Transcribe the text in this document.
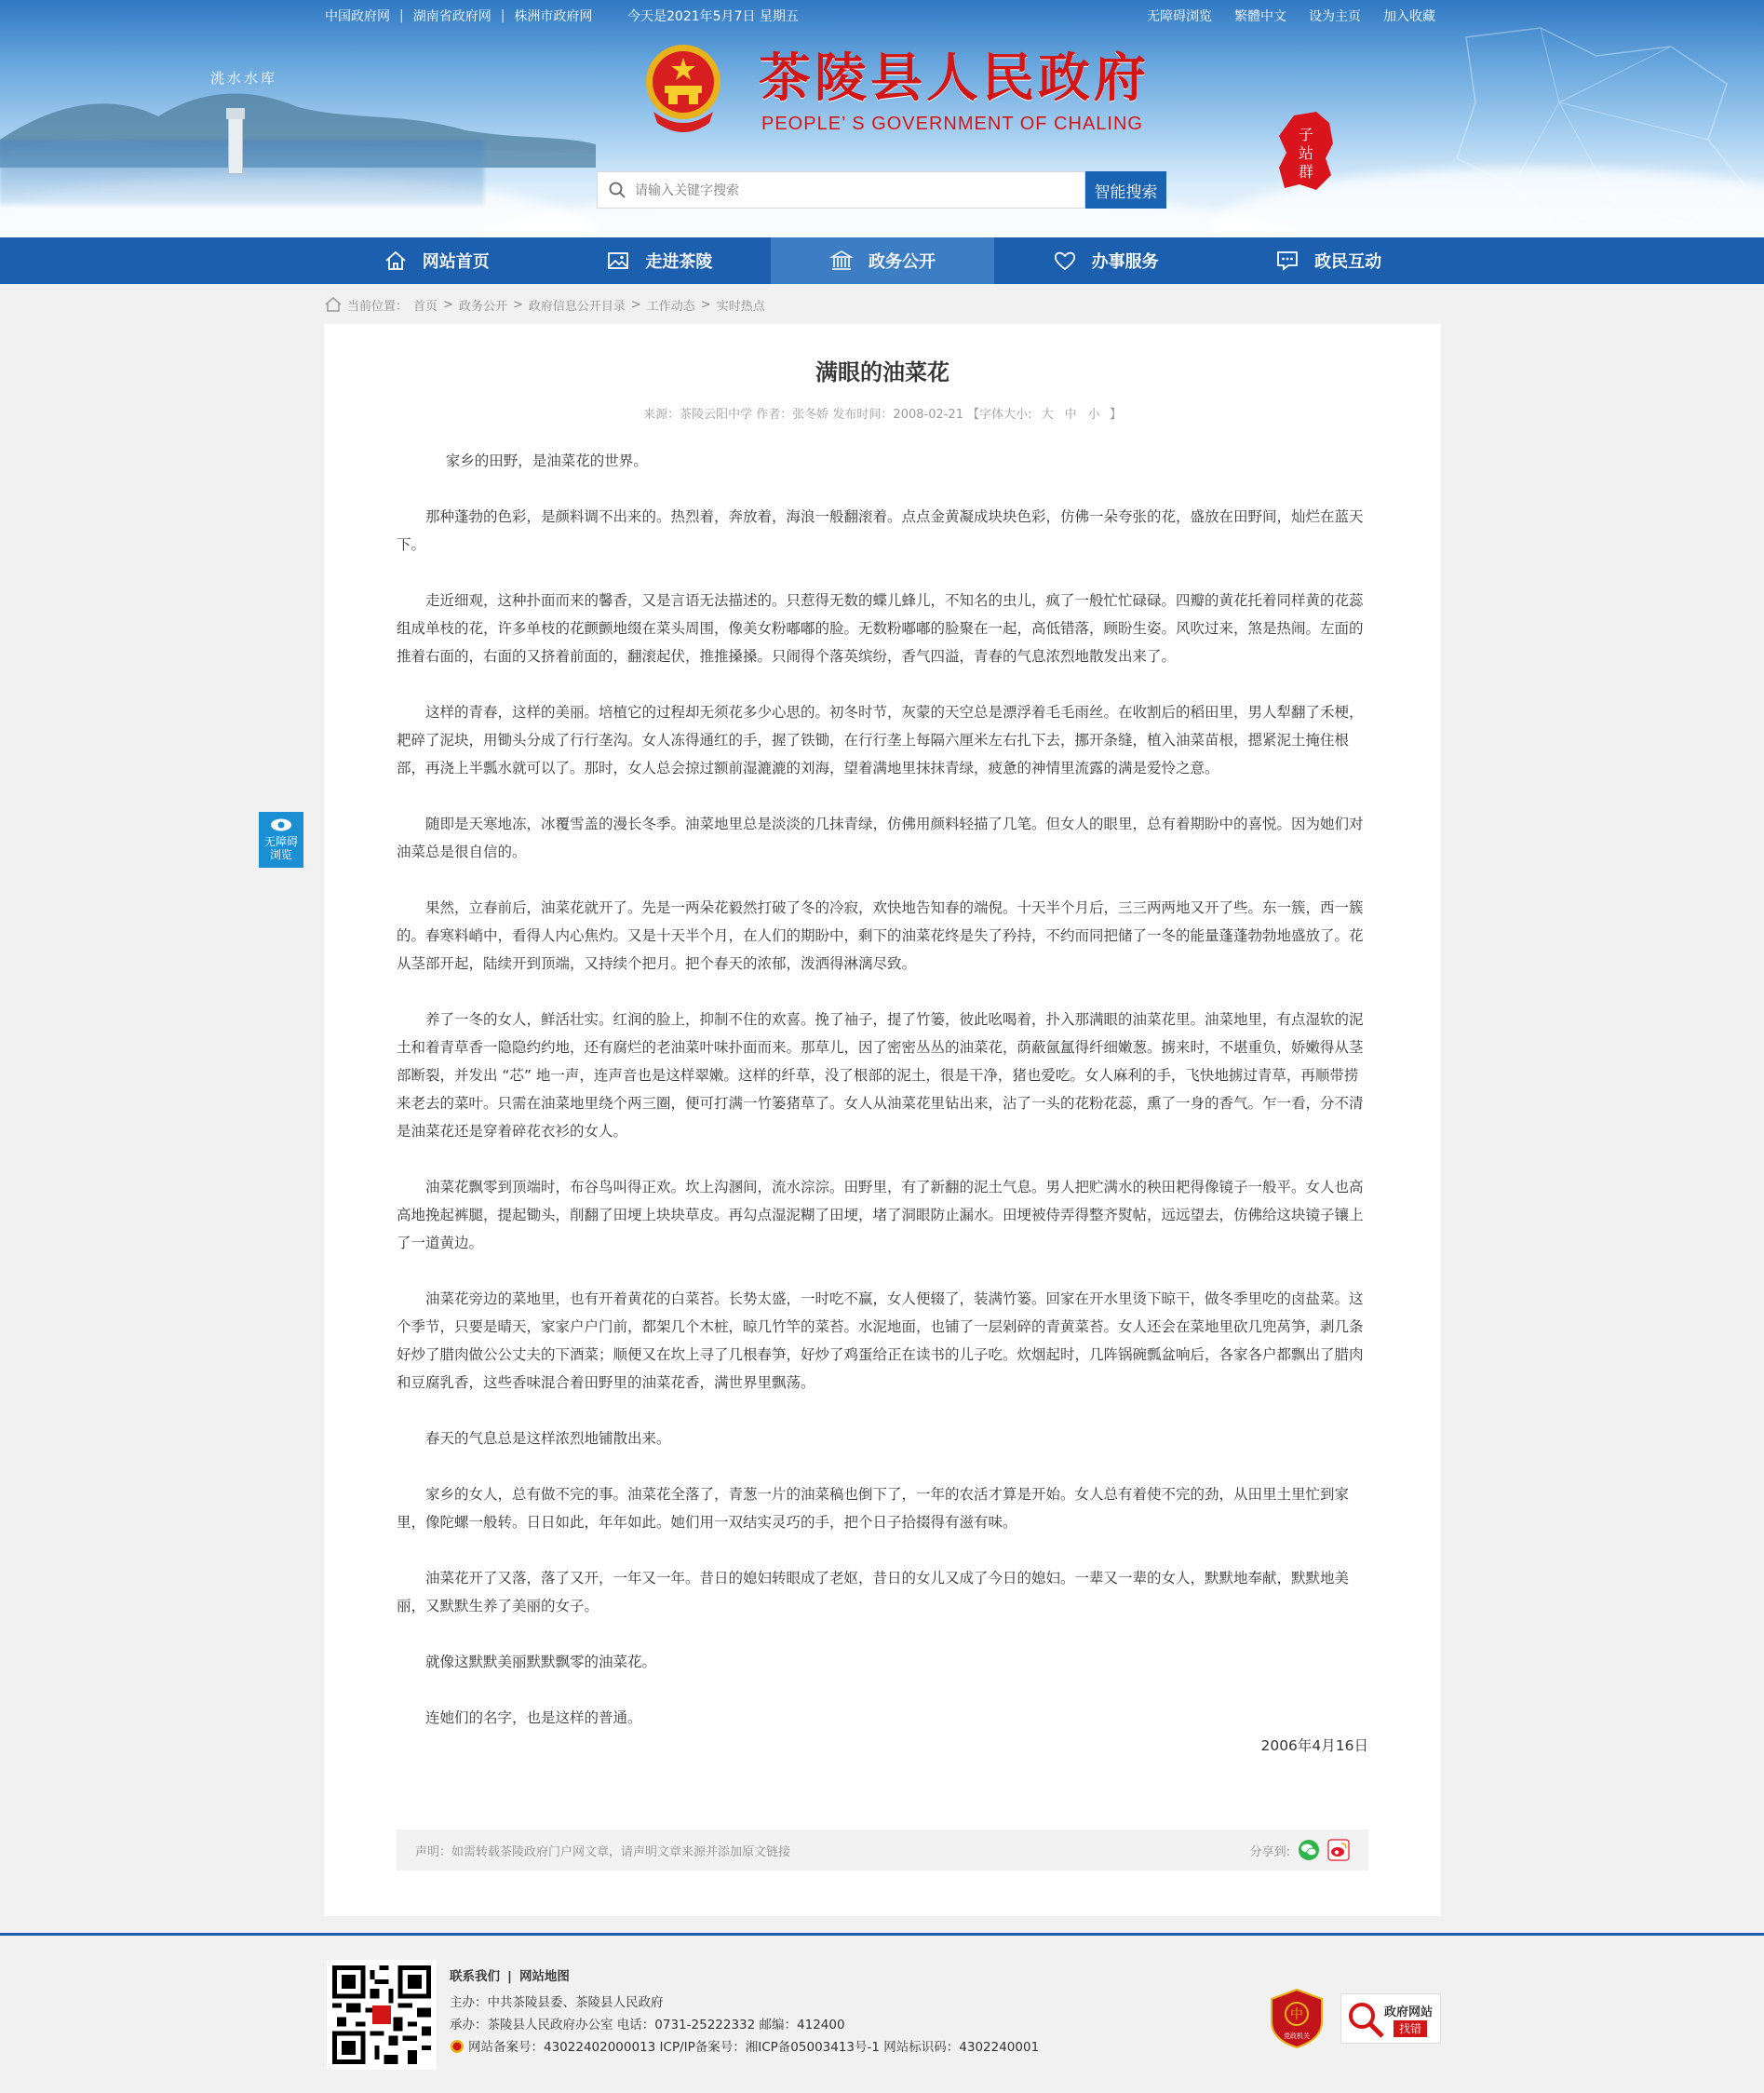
洮水水库
中国政府网 | 湖南省政府网 | 株洲市政府网	今天是2021年5月7日 星期五	无障碍浏览 繁體中文 设为主页 加入收藏
茶陵县人民政府
PEOPLE’ S GOVERNMENT OF CHALING
请输入关键字搜索
智能搜索
子
站
群
网站首页	走进茶陵	政务公开	办事服务	政民互动
当前位置： 首页 > 政务公开 > 政府信息公开目录 > 工作动态 > 实时热点
满眼的油菜花
来源：茶陵云阳中学 作者：张冬娇 发布时间：2008-02-21 【字体大小: 大 中 小 】

家乡的田野，是油菜花的世界。

那种蓬勃的色彩，是颜料调不出来的。热烈着，奔放着，海浪一般翻滚着。点点金黄凝成块块色彩，仿佛一朵夸张的花，盛放在田野间，灿烂在蓝天下。

走近细观，这种扑面而来的馨香，又是言语无法描述的。只惹得无数的蝶儿蜂儿，不知名的虫儿，疯了一般忙忙碌碌。四瓣的黄花托着同样黄的花蕊组成单枝的花，许多单枝的花颤颤地缀在菜头周围，像美女粉嘟嘟的脸。无数粉嘟嘟的脸聚在一起，高低错落，顾盼生姿。风吹过来，煞是热闹。左面的推着右面的，右面的又挤着前面的，翻滚起伏，推推搡搡。只闹得个落英缤纷，香气四溢，青春的气息浓烈地散发出来了。

这样的青春，这样的美丽。培植它的过程却无须花多少心思的。初冬时节，灰蒙的天空总是漂浮着毛毛雨丝。在收割后的稻田里，男人犁翻了禾梗，耙碎了泥块，用锄头分成了行行垄沟。女人冻得通红的手，握了铁锄，在行行垄上每隔六厘米左右扎下去，挪开条缝，植入油菜苗根，摁紧泥土掩住根部，再浇上半瓢水就可以了。那时，女人总会掠过额前湿漉漉的刘海，望着满地里抹抹青绿，疲惫的神情里流露的满是爱怜之意。

随即是天寒地冻，冰覆雪盖的漫长冬季。油菜地里总是淡淡的几抹青绿，仿佛用颜料轻描了几笔。但女人的眼里，总有着期盼中的喜悦。因为她们对油菜总是很自信的。

果然，立春前后，油菜花就开了。先是一两朵花毅然打破了冬的冷寂，欢快地告知春的端倪。十天半个月后，三三两两地又开了些。东一簇，西一簇的。春寒料峭中，看得人内心焦灼。又是十天半个月，在人们的期盼中，剩下的油菜花终是失了矜持，不约而同把储了一冬的能量蓬蓬勃勃地盛放了。花从茎部开起，陆续开到顶端，又持续个把月。把个春天的浓郁，泼洒得淋漓尽致。

养了一冬的女人，鲜活壮实。红润的脸上，抑制不住的欢喜。挽了袖子，提了竹篓，彼此吆喝着，扑入那满眼的油菜花里。油菜地里，有点湿软的泥土和着青草香一隐隐约约地，还有腐烂的老油菜叶味扑面而来。那草儿，因了密密丛丛的油菜花，荫蔽氤氲得纤细嫩葱。掳来时，不堪重负，娇嫩得从茎部断裂，并发出 “芯” 地一声，连声音也是这样翠嫩。这样的纤草，没了根部的泥土，很是干净，猪也爱吃。女人麻利的手，飞快地掳过青草，再顺带捞来老去的菜叶。只需在油菜地里绕个两三圈，便可打满一竹篓猪草了。女人从油菜花里钻出来，沾了一头的花粉花蕊，熏了一身的香气。乍一看，分不清是油菜花还是穿着碎花衣衫的女人。

油菜花飘零到顶端时，布谷鸟叫得正欢。坎上沟溷间，流水淙淙。田野里，有了新翻的泥土气息。男人把贮满水的秧田耙得像镜子一般平。女人也高高地挽起裤腿，提起锄头，削翻了田埂上块块草皮。再勾点湿泥糊了田埂，堵了洞眼防止漏水。田埂被侍弄得整齐熨帖，远远望去，仿佛给这块镜子镶上了一道黄边。

油菜花旁边的菜地里，也有开着黄花的白菜苔。长势太盛，一时吃不赢，女人便辍了，装满竹篓。回家在开水里烫下晾干，做冬季里吃的卤盐菜。这个季节，只要是晴天，家家户户门前，都架几个木桩，晾几竹竿的菜苔。水泥地面，也铺了一层剁碎的青黄菜苔。女人还会在菜地里砍几兜莴笋，剥几条好炒了腊肉做公公丈夫的下酒菜；顺便又在坎上寻了几根春笋，好炒了鸡蛋给正在读书的儿子吃。炊烟起时，几阵锅碗瓢盆响后，各家各户都飘出了腊肉和豆腐乳香，这些香味混合着田野里的油菜花香，满世界里飘荡。

春天的气息总是这样浓烈地铺散出来。

家乡的女人，总有做不完的事。油菜花全落了，青葱一片的油菜稿也倒下了，一年的农活才算是开始。女人总有着使不完的劲，从田里土里忙到家里，像陀螺一般转。日日如此，年年如此。她们用一双结实灵巧的手，把个日子拾掇得有滋有味。

油菜花开了又落，落了又开，一年又一年。昔日的媳妇转眼成了老妪，昔日的女儿又成了今日的媳妇。一辈又一辈的女人，默默地奉献，默默地美丽，又默默生养了美丽的女子。

就像这默默美丽默默飘零的油菜花。

连她们的名字，也是这样的普通。

2006年4月16日

声明：如需转载茶陵政府门户网文章，请声明文章来源并添加原文链接	分享到:
无障碍
浏览
联系我们 | 网站地图
主办：中共茶陵县委、茶陵县人民政府
承办：茶陵县人民政府办公室 电话：0731-25222332 邮编：412400
网站备案号：43022402000013 ICP/IP备案号：湘ICP备05003413号-1 网站标识码：4302240001
中
党政机关
政府网站
找错
